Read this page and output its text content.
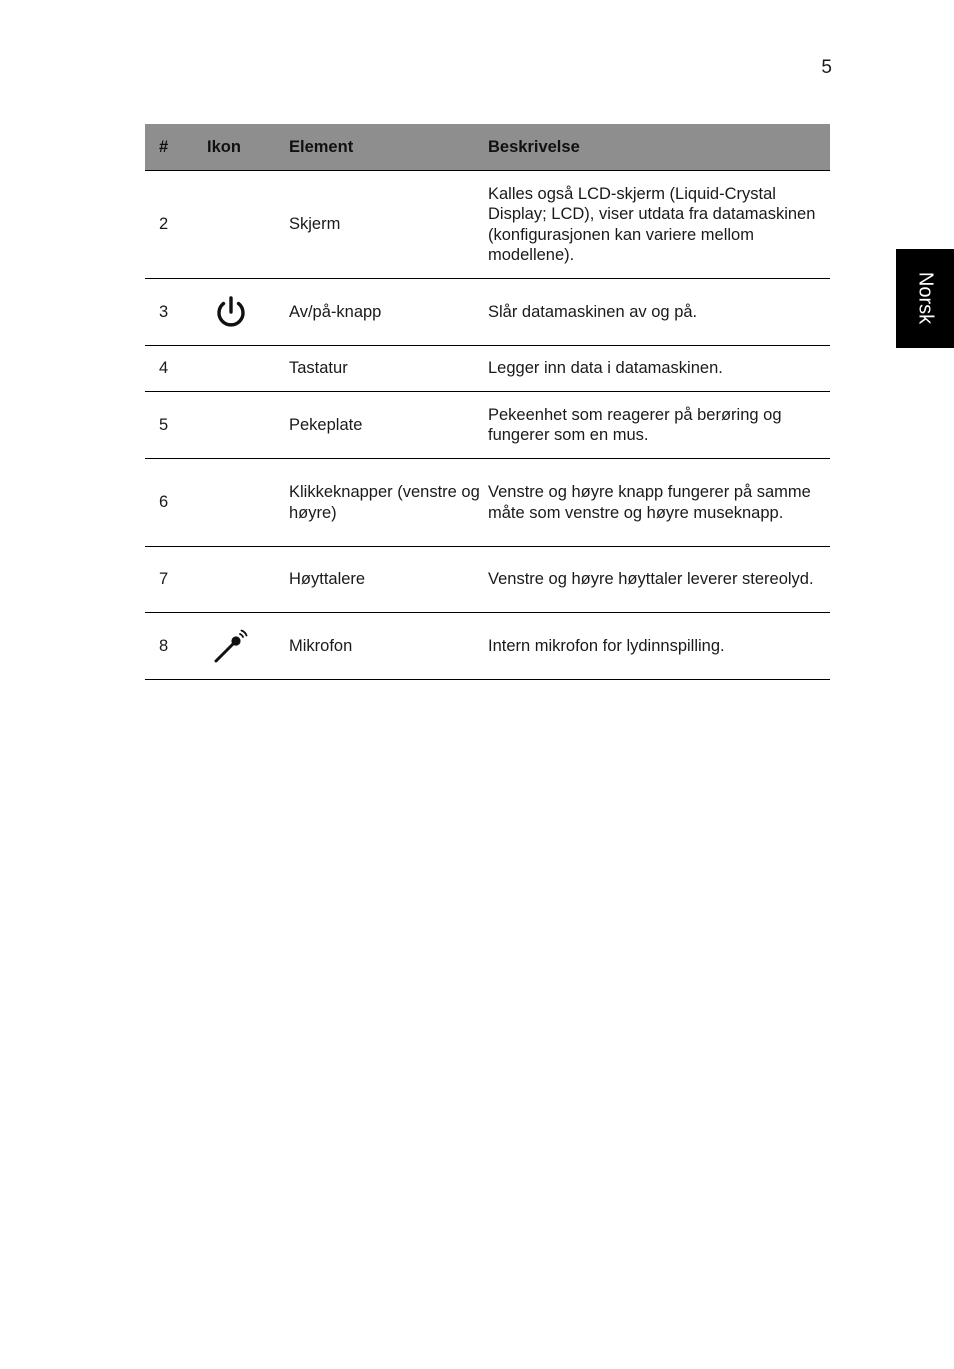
5
Norsk
#	Ikon	Element	Beskrivelse
2		Skjerm	Kalles også LCD-skjerm (Liquid-Crystal Display; LCD), viser utdata fra datamaskinen (konfigurasjonen kan variere mellom modellene).
3		Av/på-knapp	Slår datamaskinen av og på.
4		Tastatur	Legger inn data i datamaskinen.
5		Pekeplate	Pekeenhet som reagerer på berøring og fungerer som en mus.
6		Klikkeknapper (venstre og høyre)	Venstre og høyre knapp fungerer på samme måte som venstre og høyre museknapp.
7		Høyttalere	Venstre og høyre høyttaler leverer stereolyd.
8		Mikrofon	Intern mikrofon for lydinnspilling.
